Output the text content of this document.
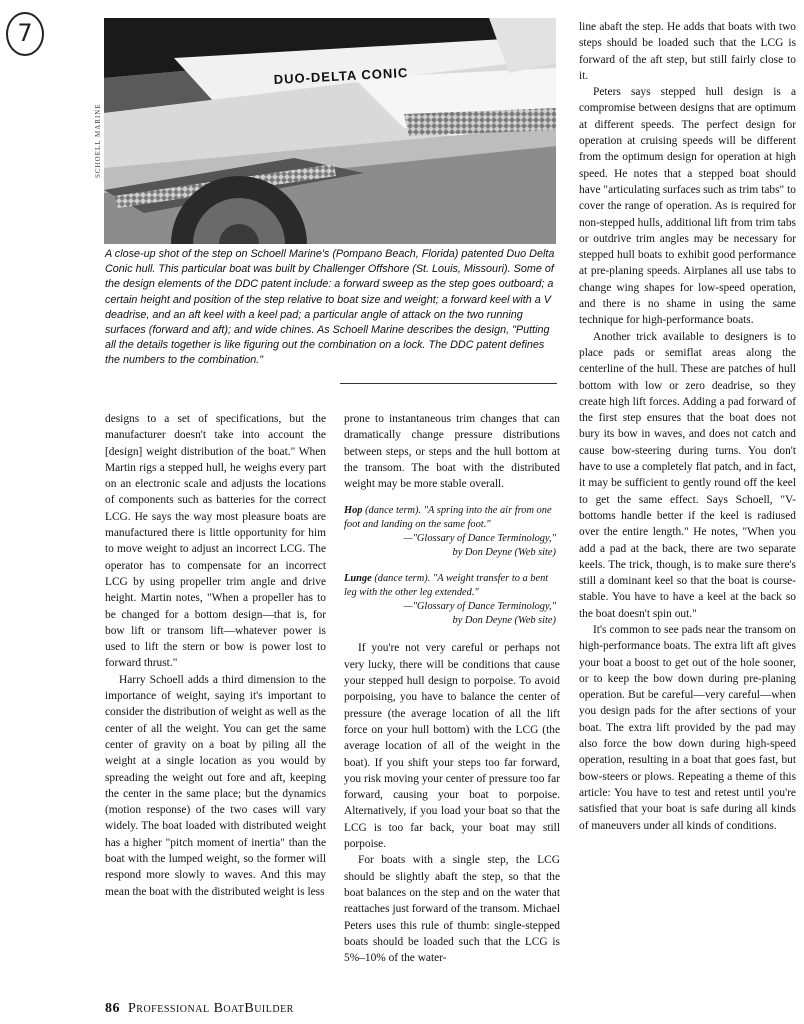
7
DUO-DELTA CONIC
SCHOELL MARINE
A close-up shot of the step on Schoell Marine's (Pompano Beach, Florida) patented Duo Delta Conic hull. This particular boat was built by Challenger Offshore (St. Louis, Missouri). Some of the design elements of the DDC patent include: a forward sweep as the step goes outboard; a certain height and position of the step relative to boat size and weight; a forward keel with a V deadrise, and an aft keel with a keel pad; a particular angle of attack on the two running surfaces (forward and aft); and wide chines. As Schoell Marine describes the design, "Putting all the details together is like figuring out the combination on a lock. The DDC patent defines the numbers to the combination."

designs to a set of specifications, but the manufacturer doesn't take into account the [design] weight distribution of the boat." When Martin rigs a stepped hull, he weighs every part on an electronic scale and adjusts the locations of components such as batteries for the correct LCG. He says the way most pleasure boats are manufactured there is little opportunity for him to move weight to adjust an incorrect LCG. The operator has to compensate for an incorrect LCG by using propeller trim angle and drive height. Martin notes, "When a propeller has to be changed for a bottom design—that is, for bow lift or transom lift—whatever power is used to lift the stern or bow is power lost to forward thrust."

Harry Schoell adds a third dimension to the importance of weight, saying it's important to consider the distribution of weight as well as the center of all the weight. You can get the same center of gravity on a boat by piling all the weight at a single location as you would by spreading the weight out fore and aft, keeping the center in the same place; but the dynamics (motion response) of the two cases will vary widely. The boat loaded with distributed weight has a higher "pitch moment of inertia" than the boat with the lumped weight, so the former will respond more slowly to waves. And this may mean the boat with the distributed weight is less

prone to instantaneous trim changes that can dramatically change pressure distributions between steps, or steps and the hull bottom at the transom. The boat with the distributed weight may be more stable overall.

Hop (dance term). "A spring into the air from one foot and landing on the same foot."
—"Glossary of Dance Terminology,"
by Don Deyne (Web site)
Lunge (dance term). "A weight transfer to a bent leg with the other leg extended."
—"Glossary of Dance Terminology,"
by Don Deyne (Web site)

If you're not very careful or perhaps not very lucky, there will be conditions that cause your stepped hull design to porpoise. To avoid porpoising, you have to balance the center of pressure (the average location of all the lift force on your hull bottom) with the LCG (the average location of all of the weight in the boat). If you shift your steps too far forward, you risk moving your center of pressure too far forward, causing your boat to porpoise. Alternatively, if you load your boat so that the LCG is too far back, your boat may still porpoise.

For boats with a single step, the LCG should be slightly abaft the step, so that the boat balances on the step and on the water that reattaches just forward of the transom. Michael Peters uses this rule of thumb: single-stepped boats should be loaded such that the LCG is 5%–10% of the water-

line abaft the step. He adds that boats with two steps should be loaded such that the LCG is forward of the aft step, but still fairly close to it.

Peters says stepped hull design is a compromise between designs that are optimum at different speeds. The perfect design for operation at cruising speeds will be different from the optimum design for operation at high speed. He notes that a stepped boat should have "articulating surfaces such as trim tabs" to cover the range of operation. As is required for non-stepped hulls, additional lift from trim tabs or outdrive trim angles may be necessary for stepped hull boats to exhibit good performance at pre-planing speeds. Airplanes all use tabs to change wing shapes for low-speed operation, and there is no shame in using the same technique for high-performance boats.

Another trick available to designers is to place pads or semiflat areas along the centerline of the hull. These are patches of hull bottom with low or zero deadrise, so they create high lift forces. Adding a pad forward of the first step ensures that the boat does not bury its bow in waves, and does not catch and cause bow-steering during turns. You don't have to use a completely flat patch, and in fact, it may be sufficient to gently round off the keel to get the same effect. Says Schoell, "V-bottoms handle better if the keel is radiused over the entire length." He notes, "When you add a pad at the back, there are two separate keels. The trick, though, is to make sure there's still a dominant keel so that the boat is course-stable. You have to have a keel at the back so the boat doesn't spin out."

It's common to see pads near the transom on high-performance boats. The extra lift aft gives your boat a boost to get out of the hole sooner, or to keep the bow down during pre-planing operation. But be careful—very careful—when you design pads for the after sections of your boat. The extra lift provided by the pad may also force the bow down during high-speed operation, resulting in a boat that goes fast, but bow-steers or plows. Repeating a theme of this article: You have to test and retest until you're satisfied that your boat is safe during all kinds of maneuvers under all kinds of conditions.

86 Professional BoatBuilder
